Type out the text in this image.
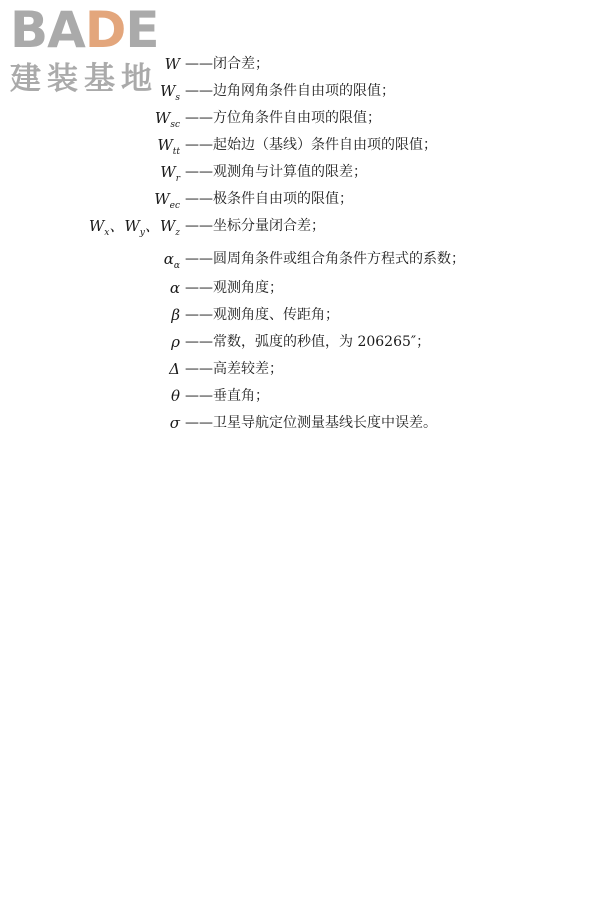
BADE
建装基地 W ——闭合差；
$W_s$ ——边角网角条件自由项的限值；
$W_{sc}$ ——方位角条件自由项的限值；
$W_{tt}$ ——起始边（基线）条件自由项的限值；
$W_r$ ——观测角与计算值的限差；
$W_{ec}$ ——极条件自由项的限值；
$W_x$、$W_y$、$W_z$ ——坐标分量闭合差；
$\alpha_\alpha$ ——圆周角条件或组合角条件方程式的系数；
α ——观测角度；
β ——观测角度、传距角；
ρ ——常数，弧度的秒值，为 206265″；
Δ ——高差较差；
θ ——垂直角；
σ ——卫星导航定位测量基线长度中误差。
